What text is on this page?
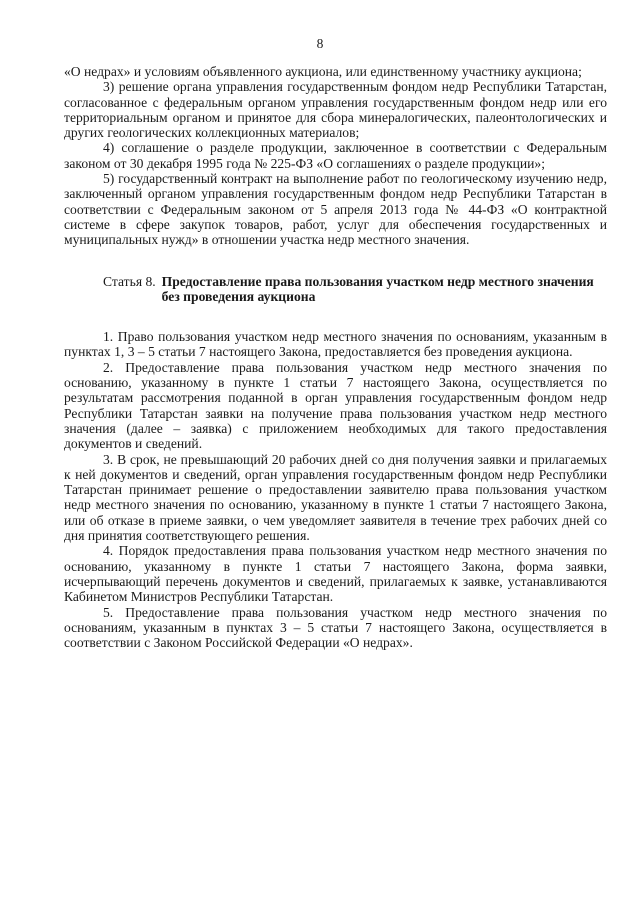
8

«О недрах» и условиям объявленного аукциона, или единственному участнику аукциона;

3) решение органа управления государственным фондом недр Республики Татарстан, согласованное с федеральным органом управления государственным фондом недр или его территориальным органом и принятое для сбора минералогических, палеонтологических и других геологических коллекционных материалов;

4) соглашение о разделе продукции, заключенное в соответствии с Федеральным законом от 30 декабря 1995 года № 225-ФЗ «О соглашениях о разделе продукции»;

5) государственный контракт на выполнение работ по геологическому изучению недр, заключенный органом управления государственным фондом недр Республики Татарстан в соответствии с Федеральным законом от 5 апреля 2013 года № 44-ФЗ «О контрактной системе в сфере закупок товаров, работ, услуг для обеспечения государственных и муниципальных нужд» в отношении участка недр местного значения.

Статья 8. Предоставление права пользования участком недр местного значения без проведения аукциона

1. Право пользования участком недр местного значения по основаниям, указанным в пунктах 1, 3 – 5 статьи 7 настоящего Закона, предоставляется без проведения аукциона.

2. Предоставление права пользования участком недр местного значения по основанию, указанному в пункте 1 статьи 7 настоящего Закона, осуществляется по результатам рассмотрения поданной в орган управления государственным фондом недр Республики Татарстан заявки на получение права пользования участком недр местного значения (далее – заявка) с приложением необходимых для такого предоставления документов и сведений.

3. В срок, не превышающий 20 рабочих дней со дня получения заявки и прилагаемых к ней документов и сведений, орган управления государственным фондом недр Республики Татарстан принимает решение о предоставлении заявителю права пользования участком недр местного значения по основанию, указанному в пункте 1 статьи 7 настоящего Закона, или об отказе в приеме заявки, о чем уведомляет заявителя в течение трех рабочих дней со дня принятия соответствующего решения.

4. Порядок предоставления права пользования участком недр местного значения по основанию, указанному в пункте 1 статьи 7 настоящего Закона, форма заявки, исчерпывающий перечень документов и сведений, прилагаемых к заявке, устанавливаются Кабинетом Министров Республики Татарстан.

5. Предоставление права пользования участком недр местного значения по основаниям, указанным в пунктах 3 – 5 статьи 7 настоящего Закона, осуществляется в соответствии с Законом Российской Федерации «О недрах».
